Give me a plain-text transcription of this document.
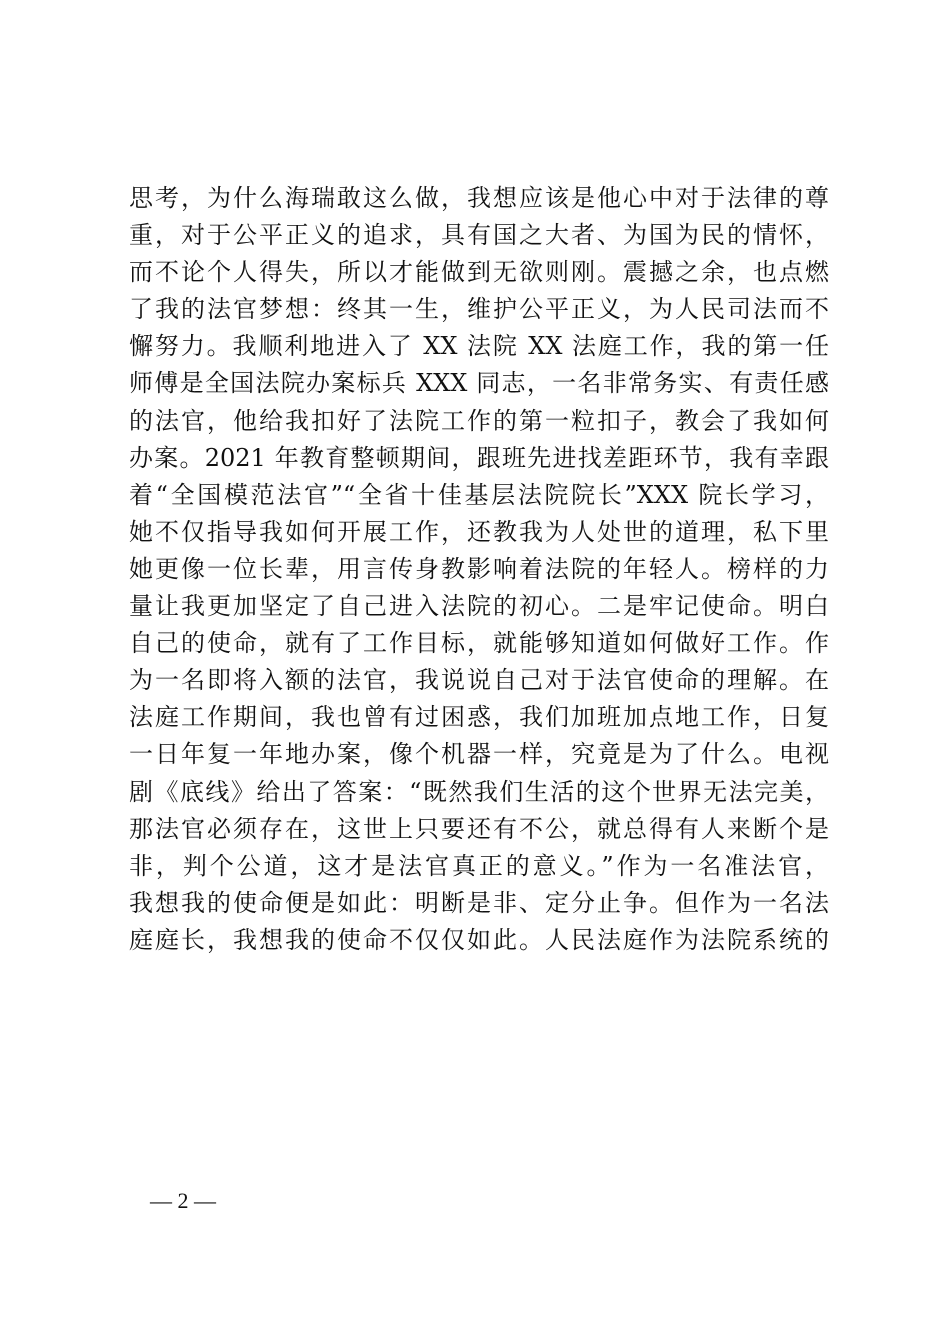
思考，为什么海瑞敢这么做，我想应该是他心中对于法律的尊
重，对于公平正义的追求，具有国之大者、为国为民的情怀，
而不论个人得失，所以才能做到无欲则刚。震撼之余，也点燃
了我的法官梦想：终其一生，维护公平正义，为人民司法而不
懈努力。我顺利地进入了 XX 法院 XX 法庭工作，我的第一任
师傅是全国法院办案标兵 XXX 同志，一名非常务实、有责任感
的法官，他给我扣好了法院工作的第一粒扣子，教会了我如何
办案。2021 年教育整顿期间，跟班先进找差距环节，我有幸跟
着“全国模范法官”“全省十佳基层法院院长”XXX 院长学习，
她不仅指导我如何开展工作，还教我为人处世的道理，私下里
她更像一位长辈，用言传身教影响着法院的年轻人。榜样的力
量让我更加坚定了自己进入法院的初心。二是牢记使命。明白
自己的使命，就有了工作目标，就能够知道如何做好工作。作
为一名即将入额的法官，我说说自己对于法官使命的理解。在
法庭工作期间，我也曾有过困惑，我们加班加点地工作，日复
一日年复一年地办案，像个机器一样，究竟是为了什么。电视
剧《底线》给出了答案：“既然我们生活的这个世界无法完美，
那法官必须存在，这世上只要还有不公，就总得有人来断个是
非，判个公道，这才是法官真正的意义。”作为一名准法官，
我想我的使命便是如此：明断是非、定分止争。但作为一名法
庭庭长，我想我的使命不仅仅如此。人民法庭作为法院系统的
— 2 —
